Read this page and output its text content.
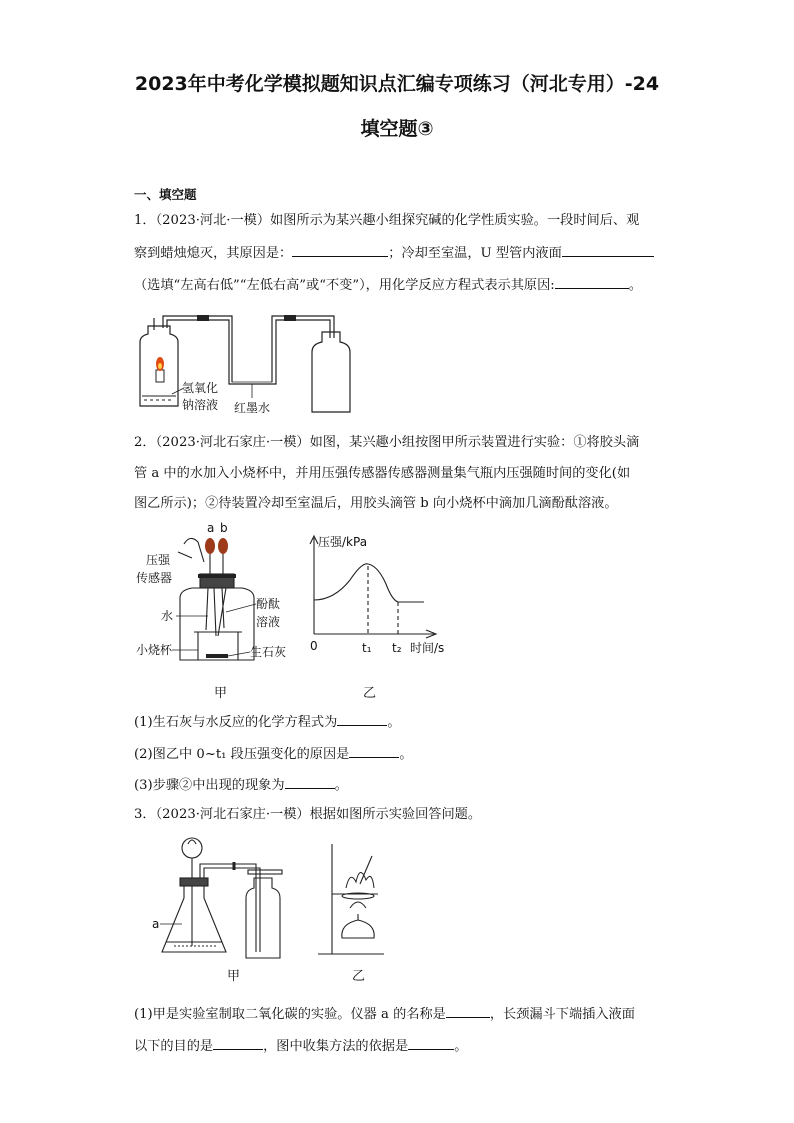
2023年中考化学模拟题知识点汇编专项练习（河北专用）-24
填空题③
一、填空题
1．（2023·河北·一模）如图所示为某兴趣小组探究碱的化学性质实验。一段时间后、观
察到蜡烛熄灭，其原因是：	；冷却至室温，U 型管内液面
（选填“左高右低”“左低右高”或“不变”），用化学反应方程式表示其原因:	。
氢氧化
钠溶液 红墨水
2．（2023·河北石家庄·一模）如图，某兴趣小组按图甲所示装置进行实验：①将胶头滴
管 a 中的水加入小烧杯中，并用压强传感器传感器测量集气瓶内压强随时间的变化(如
图乙所示)；②待装置冷却至室温后，用胶头滴管 b 向小烧杯中滴加几滴酚酞溶液。
a b
压强
传感器
水
小烧杯
酚酞
溶液
生石灰
甲
压强/kPa
0	t₁ t₂ 时间/s
乙
(1)生石灰与水反应的化学方程式为	。
(2)图乙中 0~t₁ 段压强变化的原因是	。
(3)步骤②中出现的现象为	。
3．（2023·河北石家庄·一模）根据如图所示实验回答问题。
a
甲	乙
(1)甲是实验室制取二氧化碳的实验。仪器 a 的名称是	，长颈漏斗下端插入液面
以下的目的是	，图中收集方法的依据是	。
